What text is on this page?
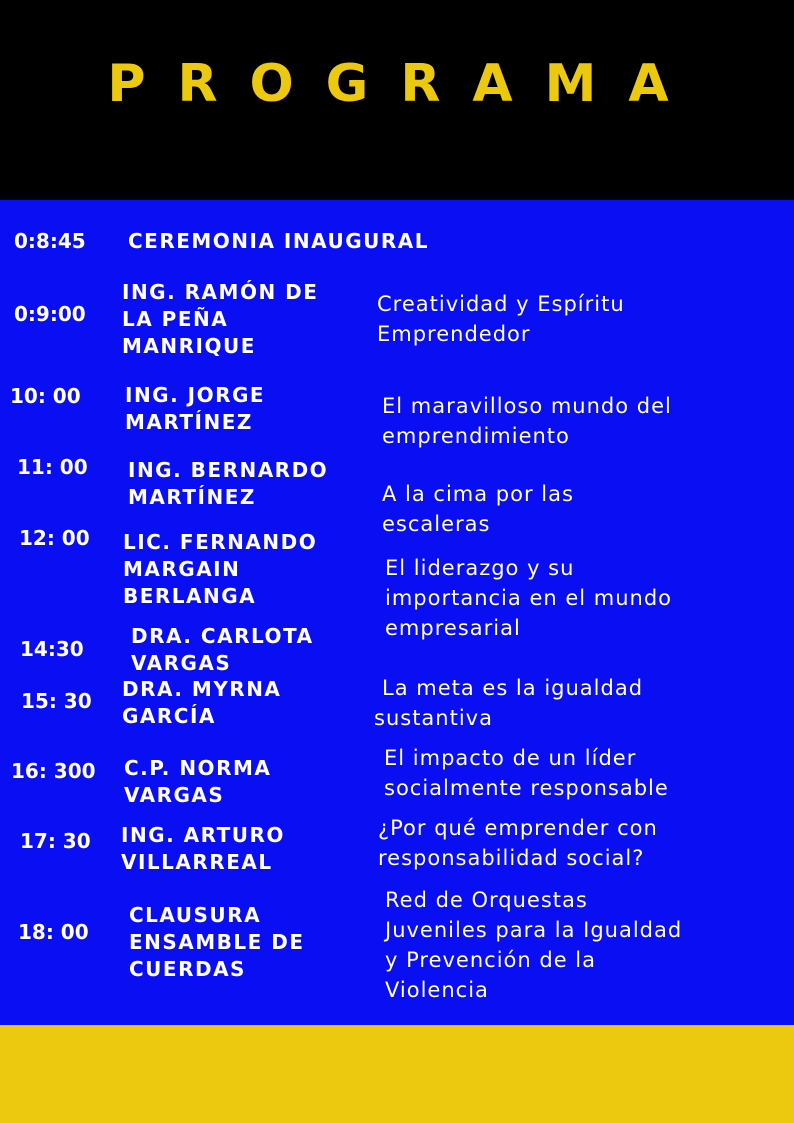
PROGRAMA
0:8:45 CEREMONIA INAUGURAL
0:9:00
ING. RAMÓN DE
LA PEÑA
MANRIQUE
Creatividad y Espíritu
Emprendedor
10: 00 ING. JORGE
MARTÍNEZ
El maravilloso mundo del
emprendimiento
11: 00 ING. BERNARDO
MARTÍNEZ	A la cima por las
escaleras
12: 00 LIC. FERNANDO
MARGAIN
BERLANGA
El liderazgo y su
importancia en el mundo
empresarial
14:30
DRA. CARLOTA
VARGAS
15: 30 DRA. MYRNA
GARCÍA
La meta es la igualdad
sustantiva
16: 300 C.P. NORMA
VARGAS
El impacto de un líder
socialmente responsable
17: 30 ING. ARTURO
VILLARREAL
¿Por qué emprender con
responsabilidad social?
18: 00
CLAUSURA
ENSAMBLE DE
CUERDAS
Red de Orquestas
Juveniles para la Igualdad
y Prevención de la
Violencia
